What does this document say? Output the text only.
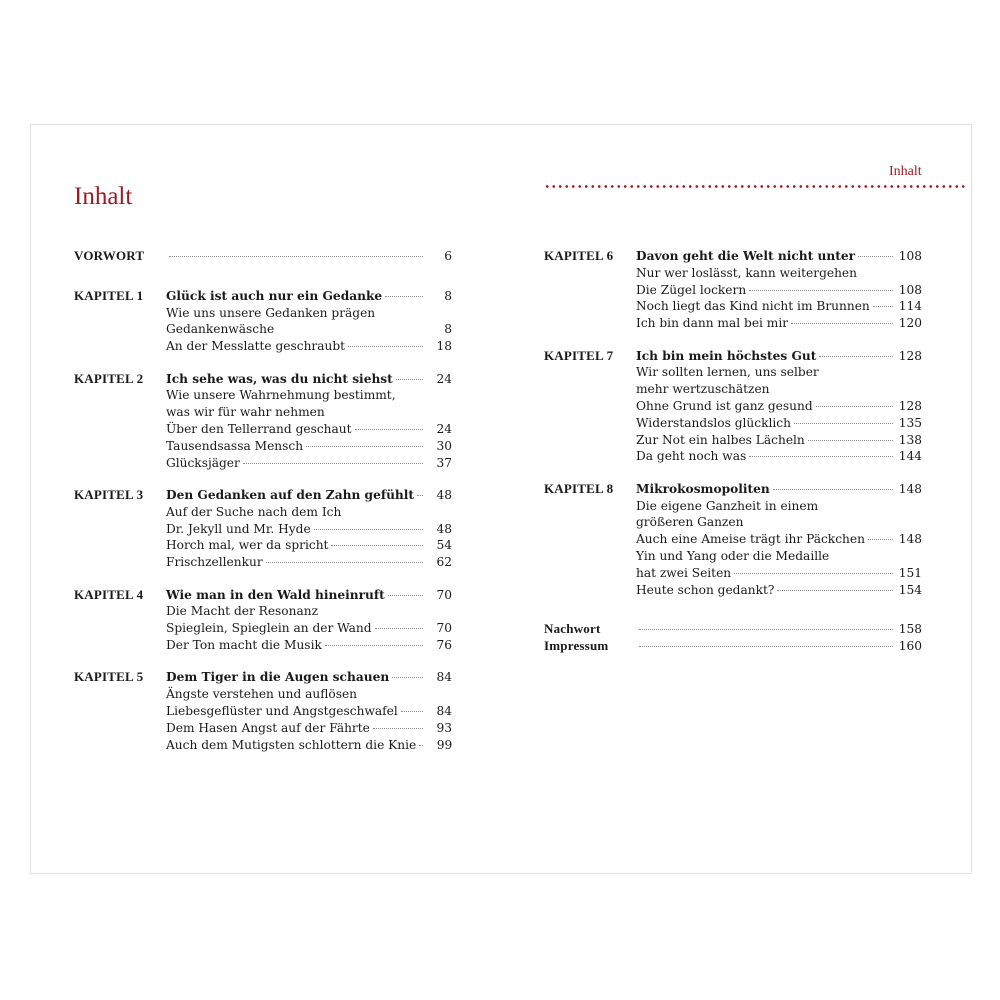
Inhalt
Inhalt
VORWORT	6
KAPITEL 1	Glück ist auch nur ein Gedanke	8
Wie uns unsere Gedanken prägen
Gedankenwäsche	8
An der Messlatte geschraubt	18
KAPITEL 2	Ich sehe was, was du nicht siehst	24
Wie unsere Wahrnehmung bestimmt,
was wir für wahr nehmen
Über den Tellerrand geschaut	24
Tausendsassa Mensch	30
Glücksjäger	37
KAPITEL 3	Den Gedanken auf den Zahn gefühlt	48
Auf der Suche nach dem Ich
Dr. Jekyll und Mr. Hyde	48
Horch mal, wer da spricht	54
Frischzellenkur	62
KAPITEL 4	Wie man in den Wald hineinruft	70
Die Macht der Resonanz
Spieglein, Spieglein an der Wand	70
Der Ton macht die Musik	76
KAPITEL 5	Dem Tiger in die Augen schauen	84
Ängste verstehen und auflösen
Liebesgeflüster und Angstgeschwafel	84
Dem Hasen Angst auf der Fährte	93
Auch dem Mutigsten schlottern die Knie	99
KAPITEL 6	Davon geht die Welt nicht unter	108
Nur wer loslässt, kann weitergehen
Die Zügel lockern	108
Noch liegt das Kind nicht im Brunnen 114
Ich bin dann mal bei mir	120
KAPITEL 7	Ich bin mein höchstes Gut	128
Wir sollten lernen, uns selber
mehr wertzuschätzen
Ohne Grund ist ganz gesund	128
Widerstandslos glücklich	135
Zur Not ein halbes Lächeln	138
Da geht noch was	144
KAPITEL 8	Mikrokosmopoliten	148
Die eigene Ganzheit in einem
größeren Ganzen
Auch eine Ameise trägt ihr Päckchen	148
Yin und Yang oder die Medaille
hat zwei Seiten	151
Heute schon gedankt?	154
Nachwort	158
Impressum	160
